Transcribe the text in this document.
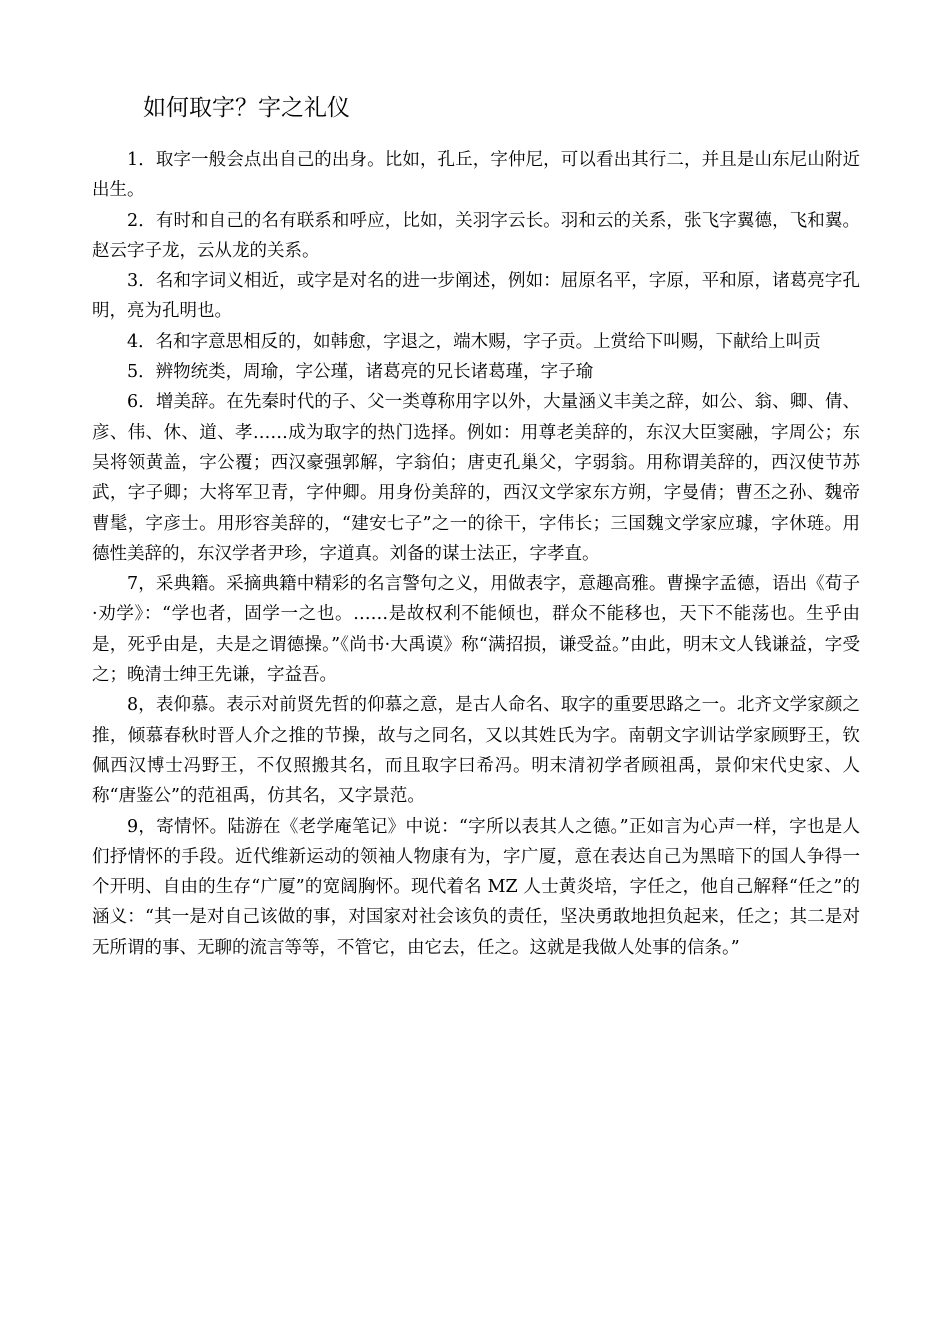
如何取字？字之礼仪

1．取字一般会点出自己的出身。比如，孔丘，字仲尼，可以看出其行二，并且是山东尼山附近出生。

2．有时和自己的名有联系和呼应，比如，关羽字云长。羽和云的关系，张飞字翼德，飞和翼。赵云字子龙，云从龙的关系。

3．名和字词义相近，或字是对名的进一步阐述，例如：屈原名平，字原，平和原，诸葛亮字孔明，亮为孔明也。

4．名和字意思相反的，如韩愈，字退之，端木赐，字子贡。上赏给下叫赐，下献给上叫贡

5．辨物统类，周瑜，字公瑾，诸葛亮的兄长诸葛瑾，字子瑜

6．增美辞。在先秦时代的子、父一类尊称用字以外，大量涵义丰美之辞，如公、翁、卿、倩、彦、伟、休、道、孝……成为取字的热门选择。例如：用尊老美辞的，东汉大臣窦融，字周公；东吴将领黄盖，字公覆；西汉豪强郭解，字翁伯；唐吏孔巢父，字弱翁。用称谓美辞的，西汉使节苏武，字子卿；大将军卫青，字仲卿。用身份美辞的，西汉文学家东方朔，字曼倩；曹丕之孙、魏帝曹髦，字彦士。用形容美辞的，“建安七子”之一的徐干，字伟长；三国魏文学家应璩，字休琏。用德性美辞的，东汉学者尹珍，字道真。刘备的谋士法正，字孝直。

7，采典籍。采摘典籍中精彩的名言警句之义，用做表字，意趣高雅。曹操字孟德，语出《荀子·劝学》：“学也者，固学一之也。……是故权利不能倾也，群众不能移也，天下不能荡也。生乎由是，死乎由是，夫是之谓德操。”《尚书·大禹谟》称“满招损，谦受益。”由此，明末文人钱谦益，字受之；晚清士绅王先谦，字益吾。

8，表仰慕。表示对前贤先哲的仰慕之意，是古人命名、取字的重要思路之一。北齐文学家颜之推，倾慕春秋时晋人介之推的节操，故与之同名，又以其姓氏为字。南朝文字训诂学家顾野王，钦佩西汉博士冯野王，不仅照搬其名，而且取字曰希冯。明末清初学者顾祖禹，景仰宋代史家、人称“唐鉴公”的范祖禹，仿其名，又字景范。

9，寄情怀。陆游在《老学庵笔记》中说：“字所以表其人之德。”正如言为心声一样，字也是人们抒情怀的手段。近代维新运动的领袖人物康有为，字广厦，意在表达自己为黑暗下的国人争得一个开明、自由的生存“广厦”的宽阔胸怀。现代着名 MZ 人士黄炎培，字任之，他自己解释“任之”的涵义：“其一是对自己该做的事，对国家对社会该负的责任，坚决勇敢地担负起来，任之；其二是对无所谓的事、无聊的流言等等，不管它，由它去，任之。这就是我做人处事的信条。”
